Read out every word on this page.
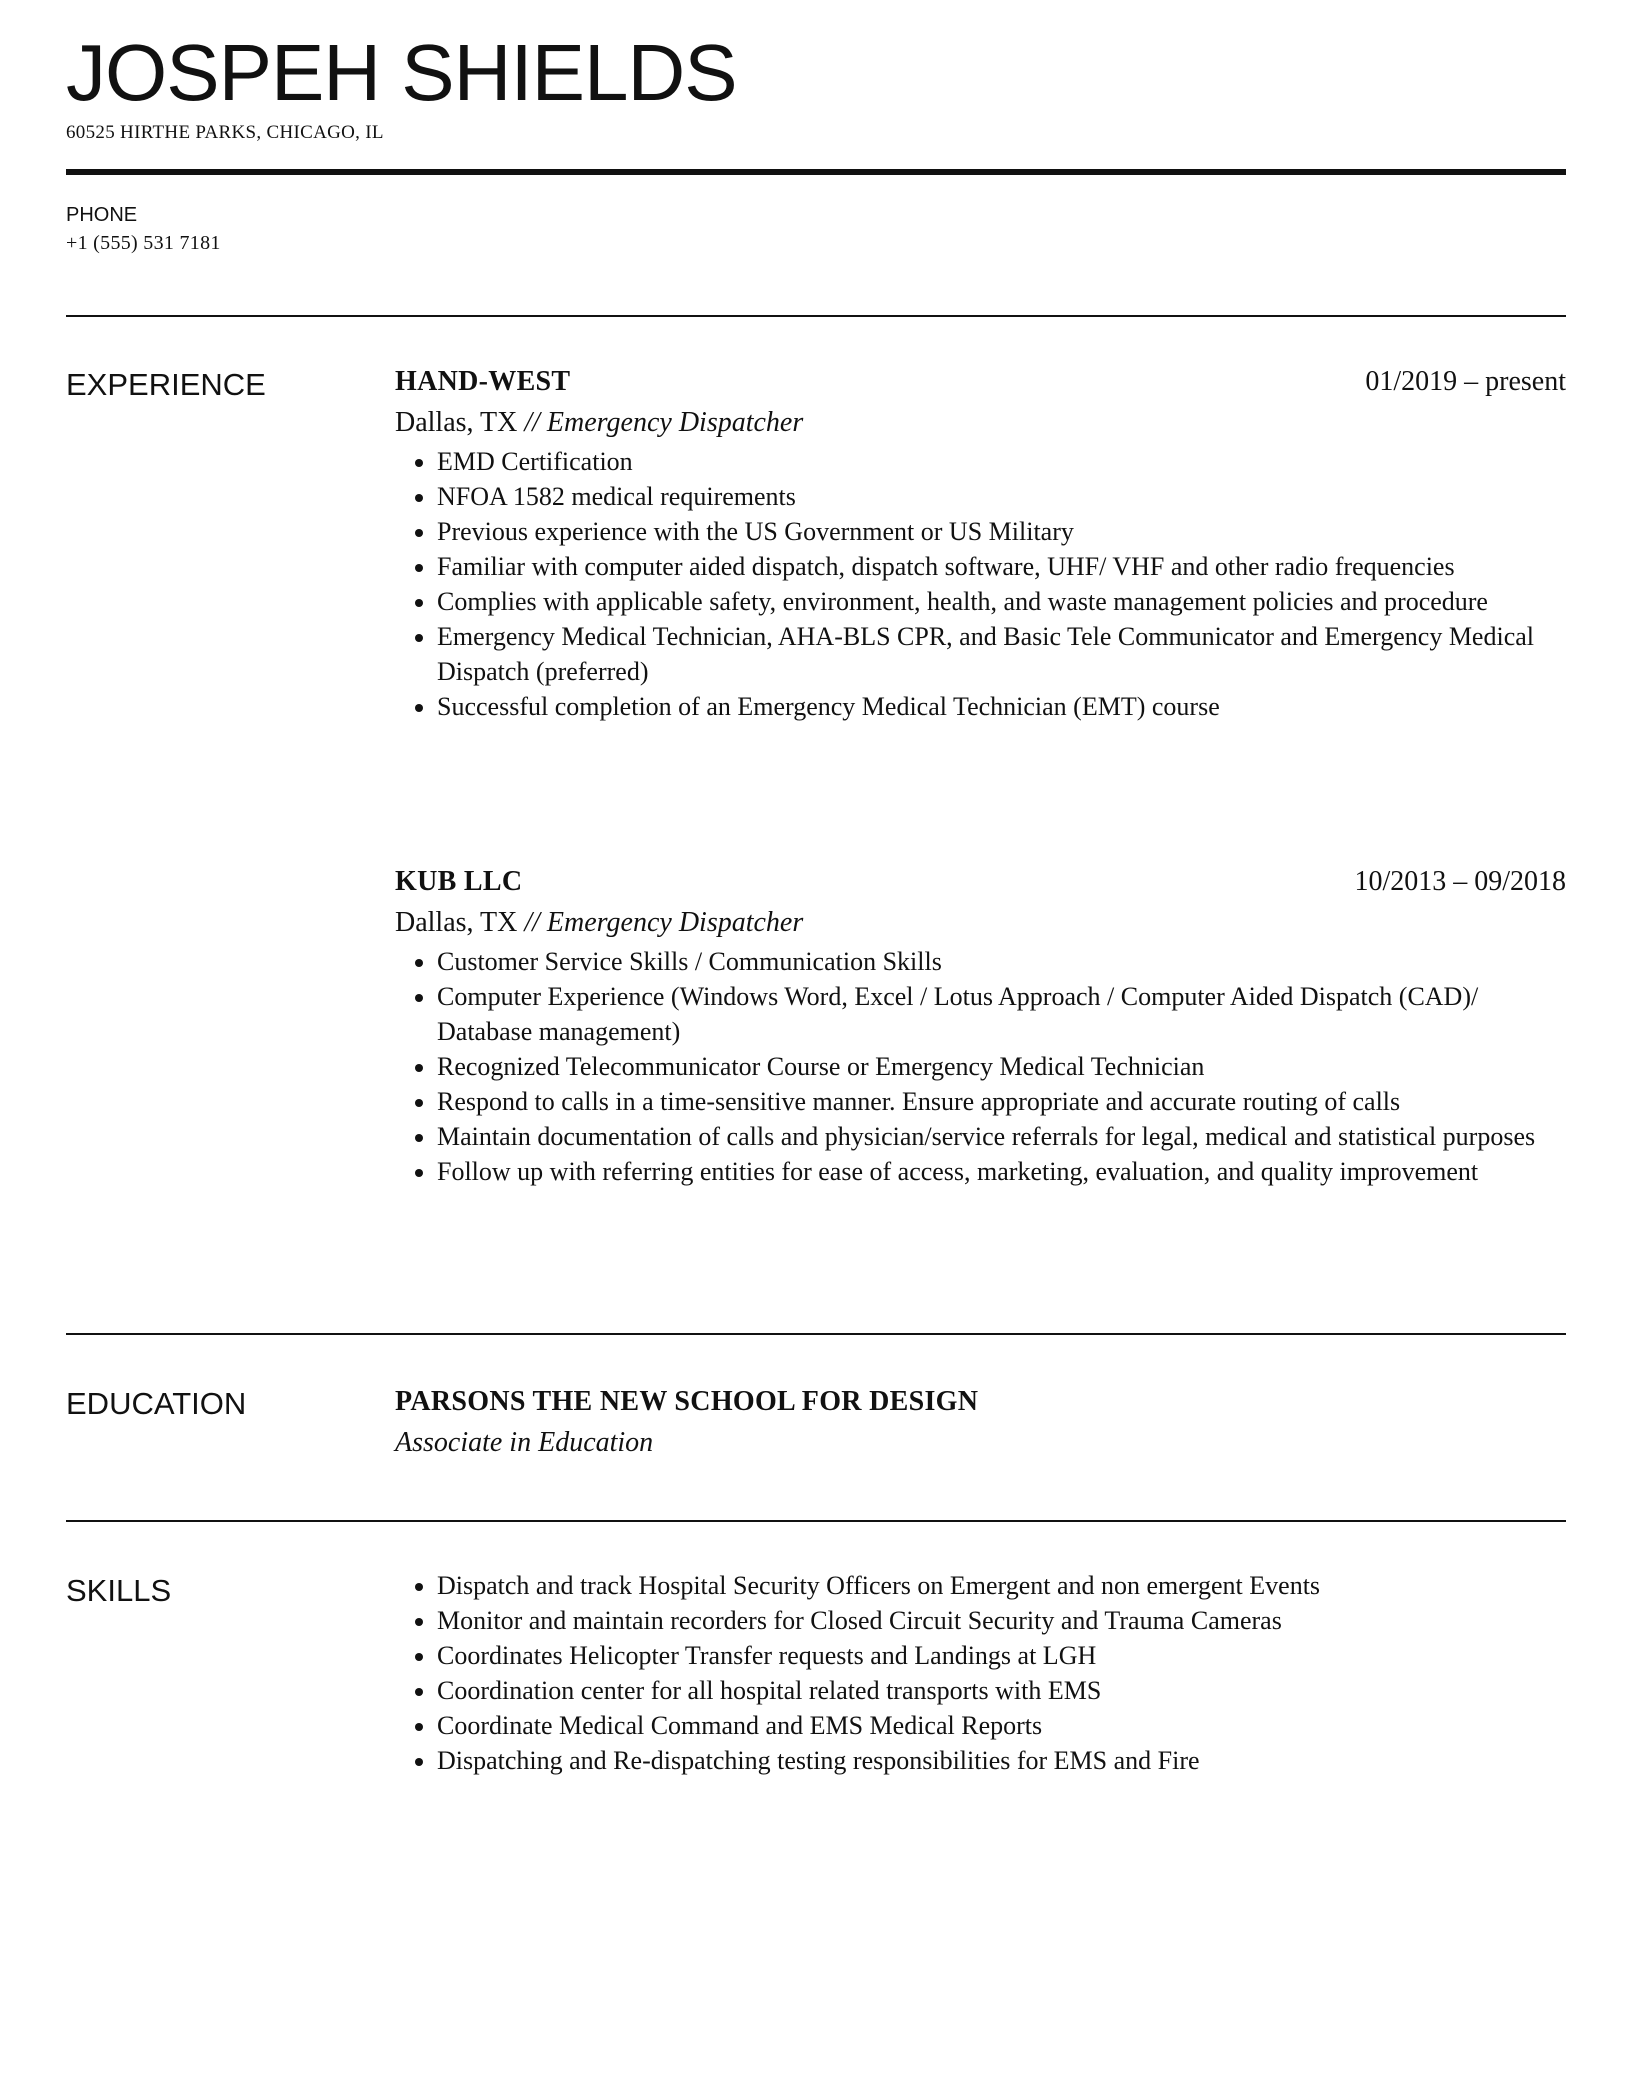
JOSPEH SHIELDS
60525 HIRTHE PARKS, CHICAGO, IL
PHONE
+1 (555) 531 7181
EXPERIENCE	HAND-WEST	01/2019 – present
Dallas, TX // Emergency Dispatcher
• EMD Certification
• NFOA 1582 medical requirements
• Previous experience with the US Government or US Military
• Familiar with computer aided dispatch, dispatch software, UHF/ VHF and other radio frequencies
• Complies with applicable safety, environment, health, and waste management policies and procedure
• Emergency Medical Technician, AHA-BLS CPR, and Basic Tele Communicator and Emergency Medical Dispatch (preferred)
• Successful completion of an Emergency Medical Technician (EMT) course
KUB LLC	10/2013 – 09/2018
Dallas, TX // Emergency Dispatcher
• Customer Service Skills / Communication Skills
• Computer Experience (Windows Word, Excel / Lotus Approach / Computer Aided Dispatch (CAD)/ Database management)
• Recognized Telecommunicator Course or Emergency Medical Technician
• Respond to calls in a time-sensitive manner. Ensure appropriate and accurate routing of calls
• Maintain documentation of calls and physician/service referrals for legal, medical and statistical purposes
• Follow up with referring entities for ease of access, marketing, evaluation, and quality improvement
EDUCATION	PARSONS THE NEW SCHOOL FOR DESIGN
Associate in Education
SKILLS
•	Dispatch and track Hospital Security Officers on Emergent and non emergent Events
• Monitor and maintain recorders for Closed Circuit Security and Trauma Cameras
• Coordinates Helicopter Transfer requests and Landings at LGH
• Coordination center for all hospital related transports with EMS
• Coordinate Medical Command and EMS Medical Reports
• Dispatching and Re-dispatching testing responsibilities for EMS and Fire
